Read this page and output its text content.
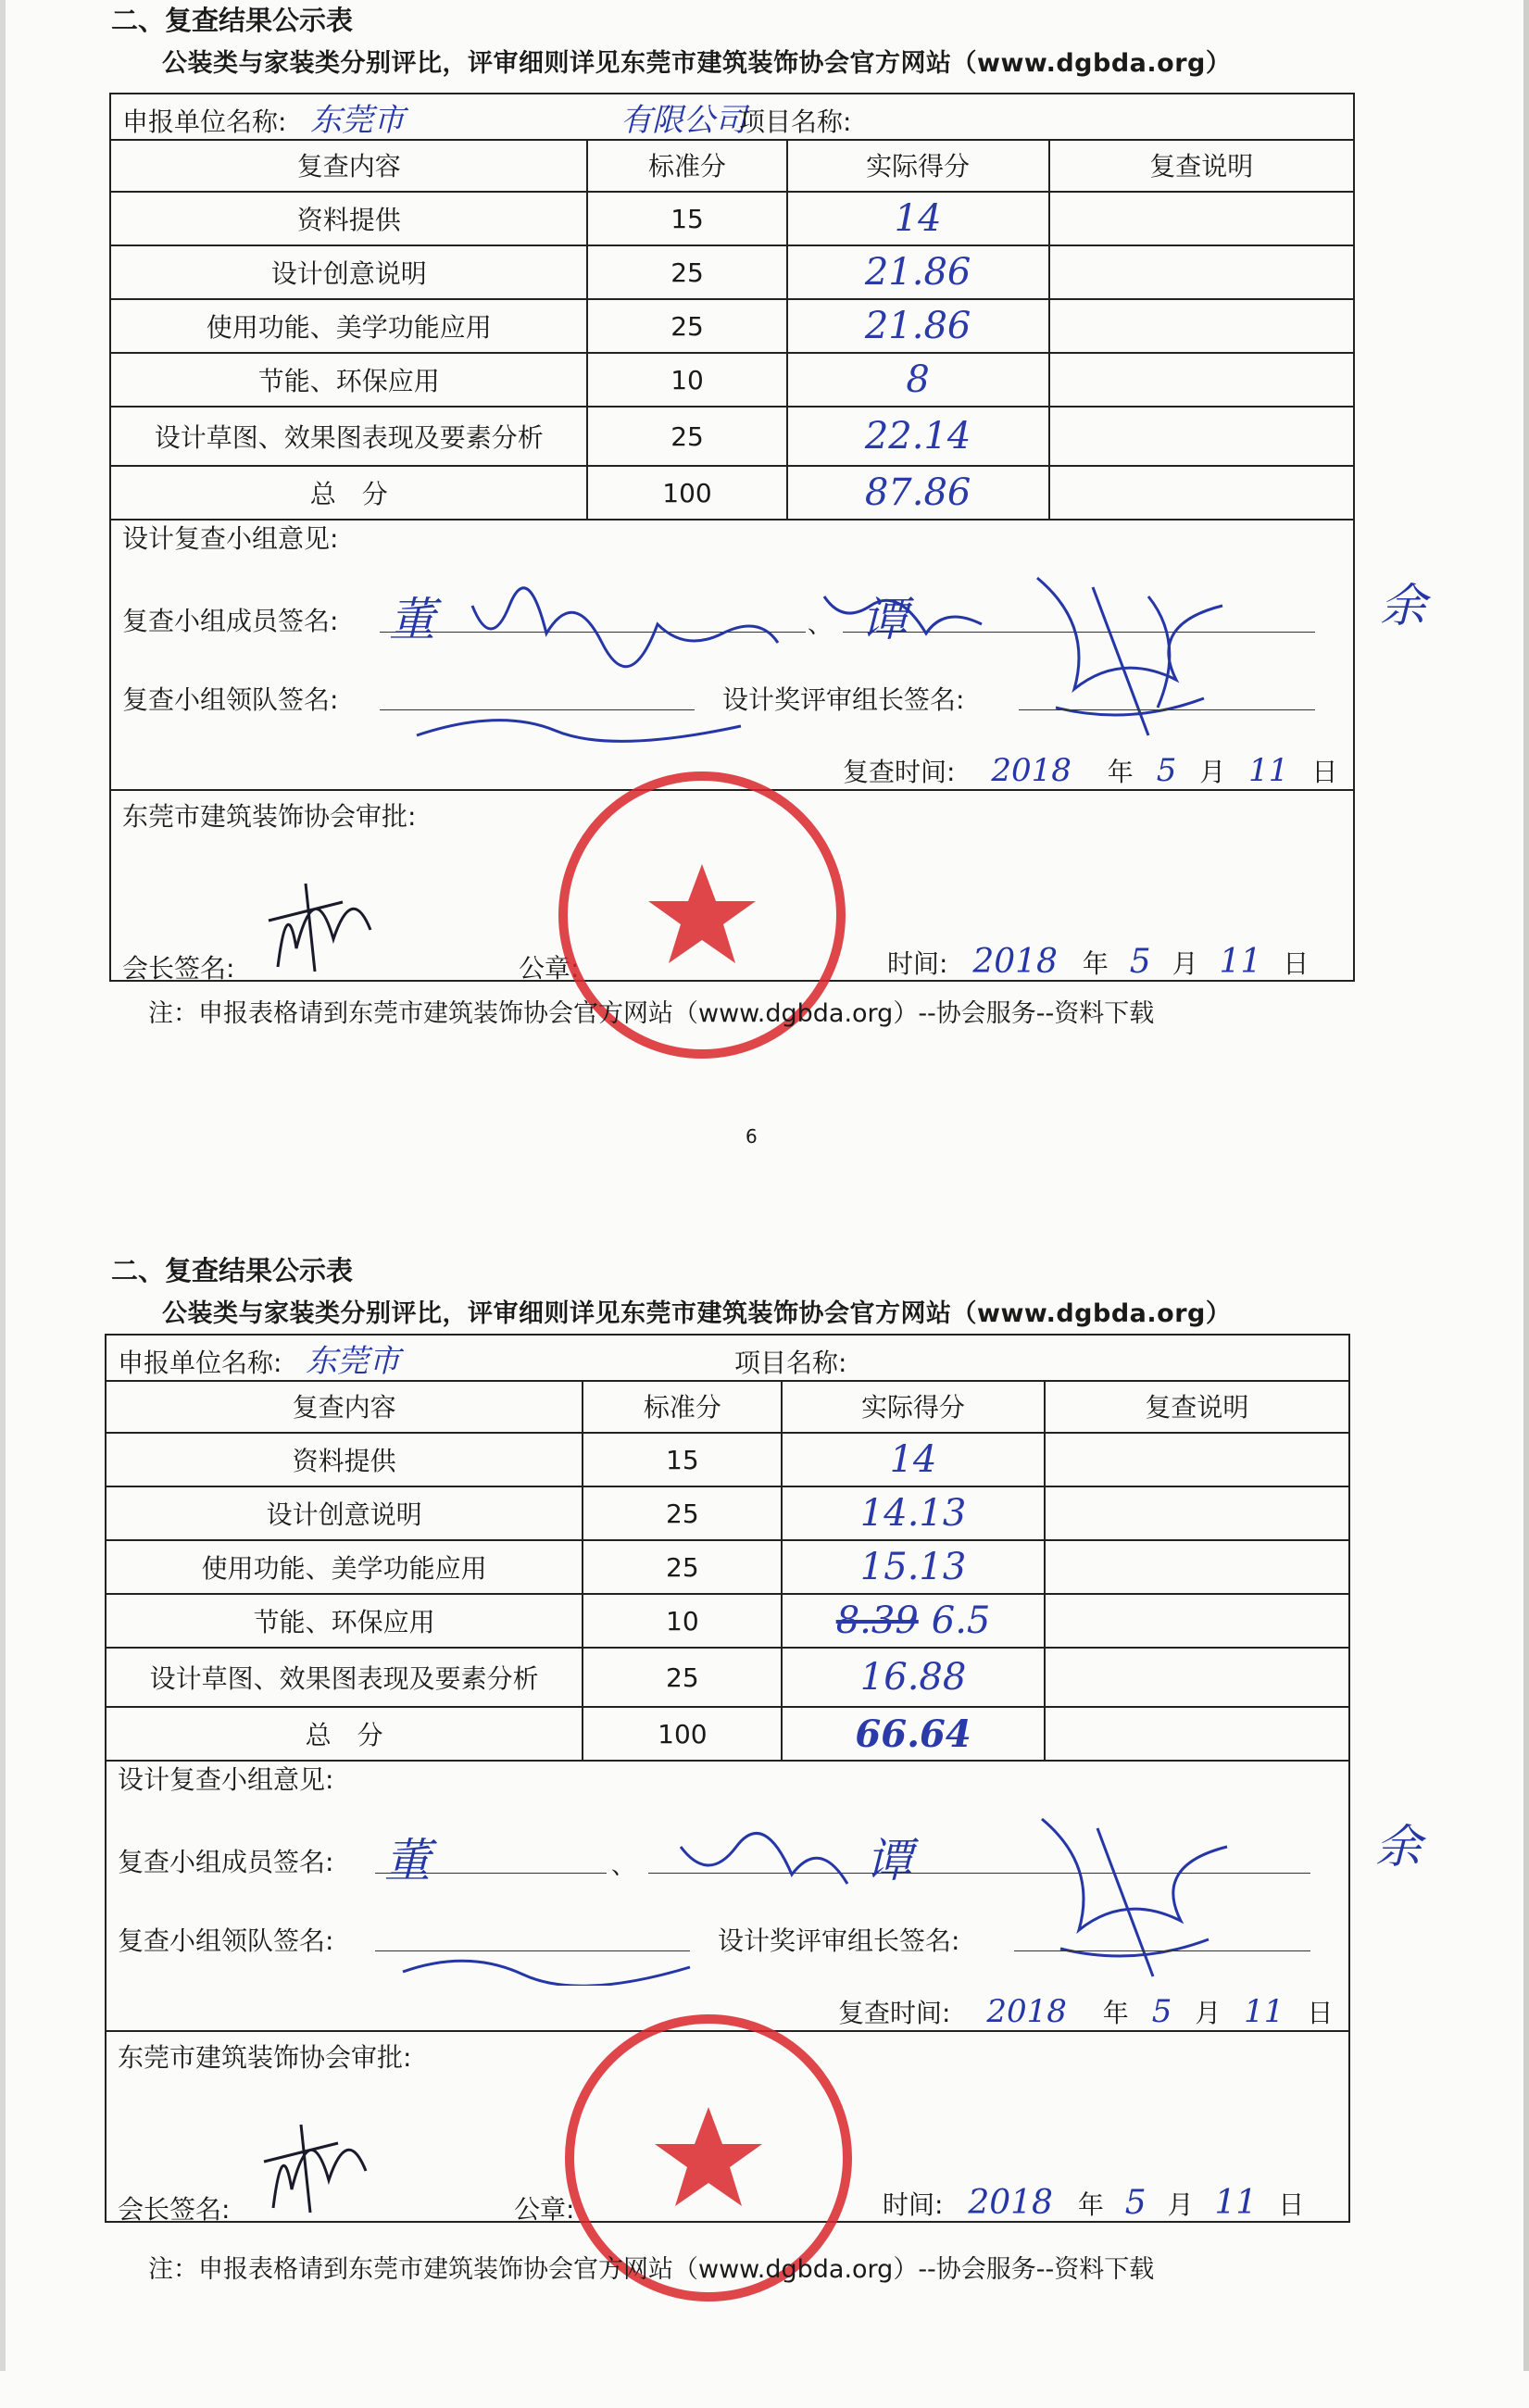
二、复查结果公示表
公装类与家装类分别评比，评审细则详见东莞市建筑装饰协会官方网站（www.dgbda.org）
申报单位名称: 东莞市	有限公司
项目名称:
复查内容	标准分	实际得分	复查说明
资料提供	15	14	
设计创意说明	25	21.86	
使用功能、美学功能应用	25	21.86	
节能、环保应用	10	8	
设计草图、效果图表现及要素分析	25	22.14	
总　分	100	87.86	
设计复查小组意见:
复查小组成员签名:	、
董	谭	余
复查小组领队签名:	设计奖评审组长签名:
复查时间: 2018 年 5 月 11 日
东莞市建筑装饰协会审批:
会长签名:	公章:	时间: 2018 年 5 月 11 日
注：申报表格请到东莞市建筑装饰协会官方网站（www.dgbda.org）--协会服务--资料下载
6
二、复查结果公示表
公装类与家装类分别评比，评审细则详见东莞市建筑装饰协会官方网站（www.dgbda.org）
申报单位名称: 东莞市	项目名称:
复查内容	标准分	实际得分	复查说明
资料提供	15	14	
设计创意说明	25	14.13	
使用功能、美学功能应用	25	15.13	
节能、环保应用	10	8.39 6.5	
设计草图、效果图表现及要素分析	25	16.88	
总　分	100	66.64	
设计复查小组意见:
复查小组成员签名:	、
董	谭	余
复查小组领队签名:	设计奖评审组长签名:
复查时间: 2018 年 5 月 11 日
东莞市建筑装饰协会审批:
会长签名:	公章:	时间: 2018 年 5 月 11 日
注：申报表格请到东莞市建筑装饰协会官方网站（www.dgbda.org）--协会服务--资料下载
